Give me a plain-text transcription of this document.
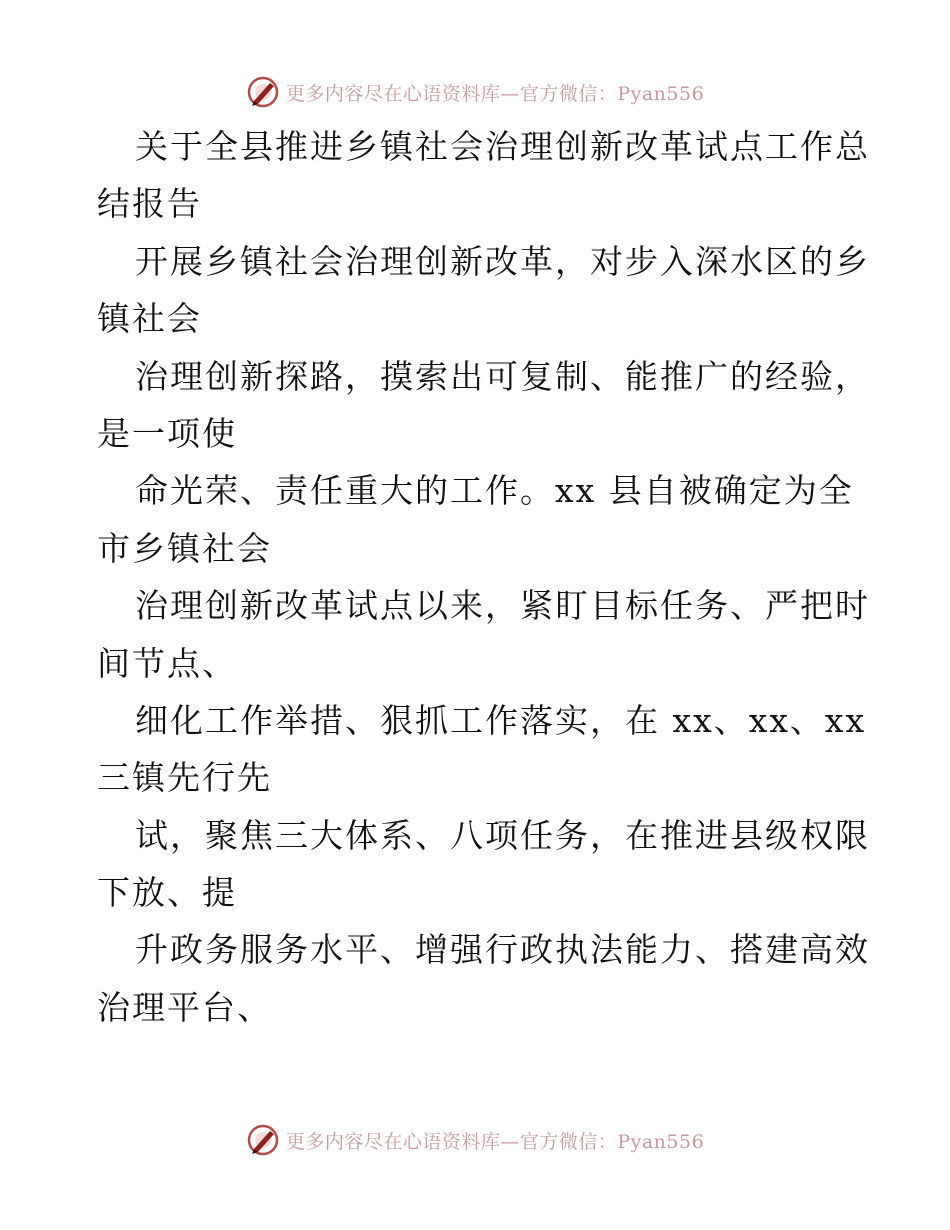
更多内容尽在心语资料库—官方微信：Pyan556
关于全县推进乡镇社会治理创新改革试点工作总
结报告
开展乡镇社会治理创新改革，对步入深水区的乡
镇社会
治理创新探路，摸索出可复制、能推广的经验，
是一项使
命光荣、责任重大的工作。xx 县自被确定为全
市乡镇社会
治理创新改革试点以来，紧盯目标任务、严把时
间节点、
细化工作举措、狠抓工作落实，在 xx、xx、xx
三镇先行先
试，聚焦三大体系、八项任务，在推进县级权限
下放、提
升政务服务水平、增强行政执法能力、搭建高效
治理平台、
更多内容尽在心语资料库—官方微信：Pyan556
